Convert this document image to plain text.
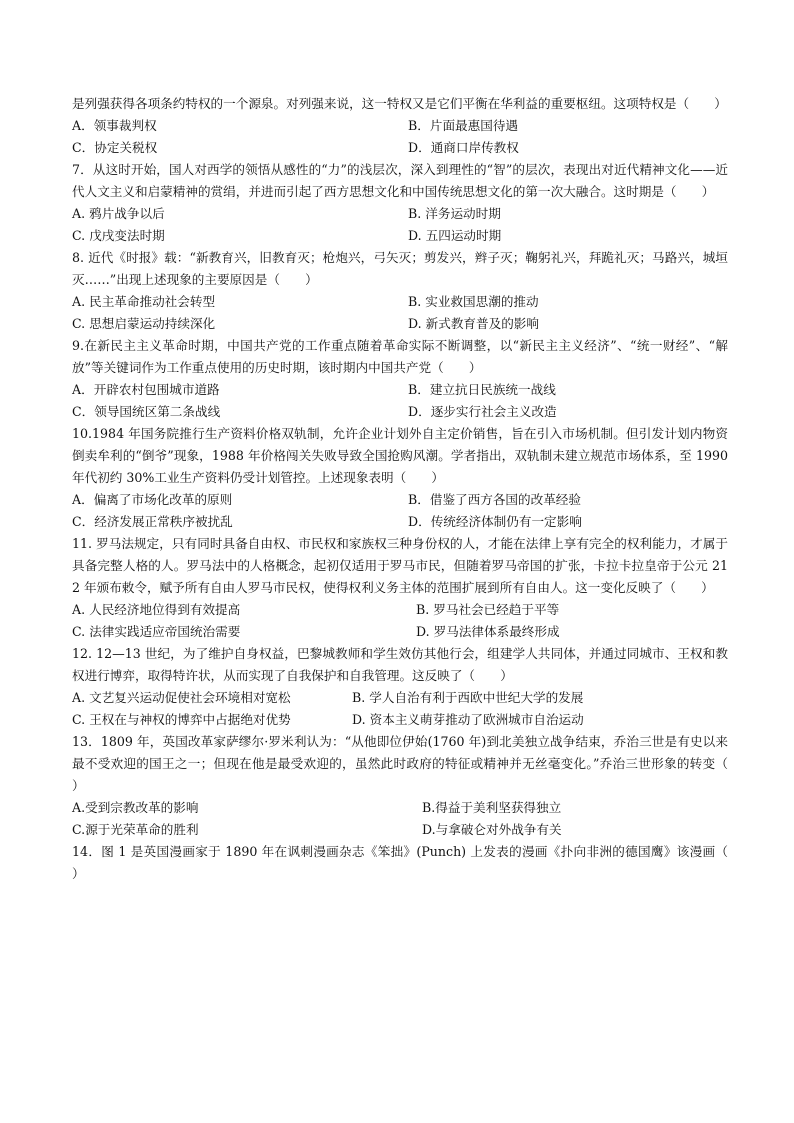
是列强获得各项条约特权的一个源泉。对列强来说，这一特权又是它们平衡在华利益的重要枢纽。这项特权是（　　）

A．领事裁判权	B．片面最惠国待遇
C．协定关税权	D．通商口岸传教权

7．从这时开始，国人对西学的领悟从感性的“力”的浅层次，深入到理性的“智”的层次，表现出对近代精神文化——近代人文主义和启蒙精神的赏绢，并进而引起了西方思想文化和中国传统思想文化的第一次大融合。这时期是（　　）

A. 鸦片战争以后	B. 洋务运动时期
C. 戊戌变法时期	D. 五四运动时期

8. 近代《时报》载：“新教育兴，旧教育灭；枪炮兴，弓矢灭；剪发兴，辫子灭；鞠躬礼兴，拜跪礼灭；马路兴，城垣灭……”出现上述现象的主要原因是（　　）

A. 民主革命推动社会转型	B. 实业救国思潮的推动
C. 思想启蒙运动持续深化	D. 新式教育普及的影响

9.在新民主主义革命时期，中国共产党的工作重点随着革命实际不断调整，以“新民主主义经济”、“统一财经”、“解放”等关键词作为工作重点使用的历史时期，该时期内中国共产党（　　）

A．开辟农村包围城市道路	B．建立抗日民族统一战线
C．领导国统区第二条战线	D．逐步实行社会主义改造

10.1984 年国务院推行生产资料价格双轨制，允许企业计划外自主定价销售，旨在引入市场机制。但引发计划内物资倒卖牟利的“倒爷”现象，1988 年价格闯关失败导致全国抢购风潮。学者指出，双轨制未建立规范市场体系，至 1990 年代初约 30%工业生产资料仍受计划管控。上述现象表明（　　）

A．偏离了市场化改革的原则	B．借鉴了西方各国的改革经验
C．经济发展正常秩序被扰乱	D．传统经济体制仍有一定影响

11. 罗马法规定，只有同时具备自由权、市民权和家族权三种身份权的人，才能在法律上享有完全的权利能力，才属于具备完整人格的人。罗马法中的人格概念，起初仅适用于罗马市民，但随着罗马帝国的扩张，卡拉卡拉皇帝于公元 212 年颁布敕令，赋予所有自由人罗马市民权，使得权利义务主体的范围扩展到所有自由人。这一变化反映了（　　）

A. 人民经济地位得到有效提高	B. 罗马社会已经趋于平等
C. 法律实践适应帝国统治需要	D. 罗马法律体系最终形成

12. 12—13 世纪，为了维护自身权益，巴黎城教师和学生效仿其他行会，组建学人共同体，并通过同城市、王权和教权进行博弈，取得特许状，从而实现了自我保护和自我管理。这反映了（　　）

A. 文艺复兴运动促使社会环境相对宽松	B. 学人自治有利于西欧中世纪大学的发展
C. 王权在与神权的博弈中占据绝对优势	D. 资本主义萌芽推动了欧洲城市自治运动

13．1809 年，英国改革家萨缪尔·罗米利认为：“从他即位伊始(1760 年)到北美独立战争结束，乔治三世是有史以来最不受欢迎的国王之一；但现在他是最受欢迎的，虽然此时政府的特征或精神并无丝毫变化。”乔治三世形象的转变（　　）

A.受到宗教改革的影响	B.得益于美利坚获得独立
C.源于光荣革命的胜利	D.与拿破仑对外战争有关

14．图 1 是英国漫画家于 1890 年在讽刺漫画杂志《笨拙》(Punch) 上发表的漫画《扑向非洲的德国鹰》该漫画（　　）
